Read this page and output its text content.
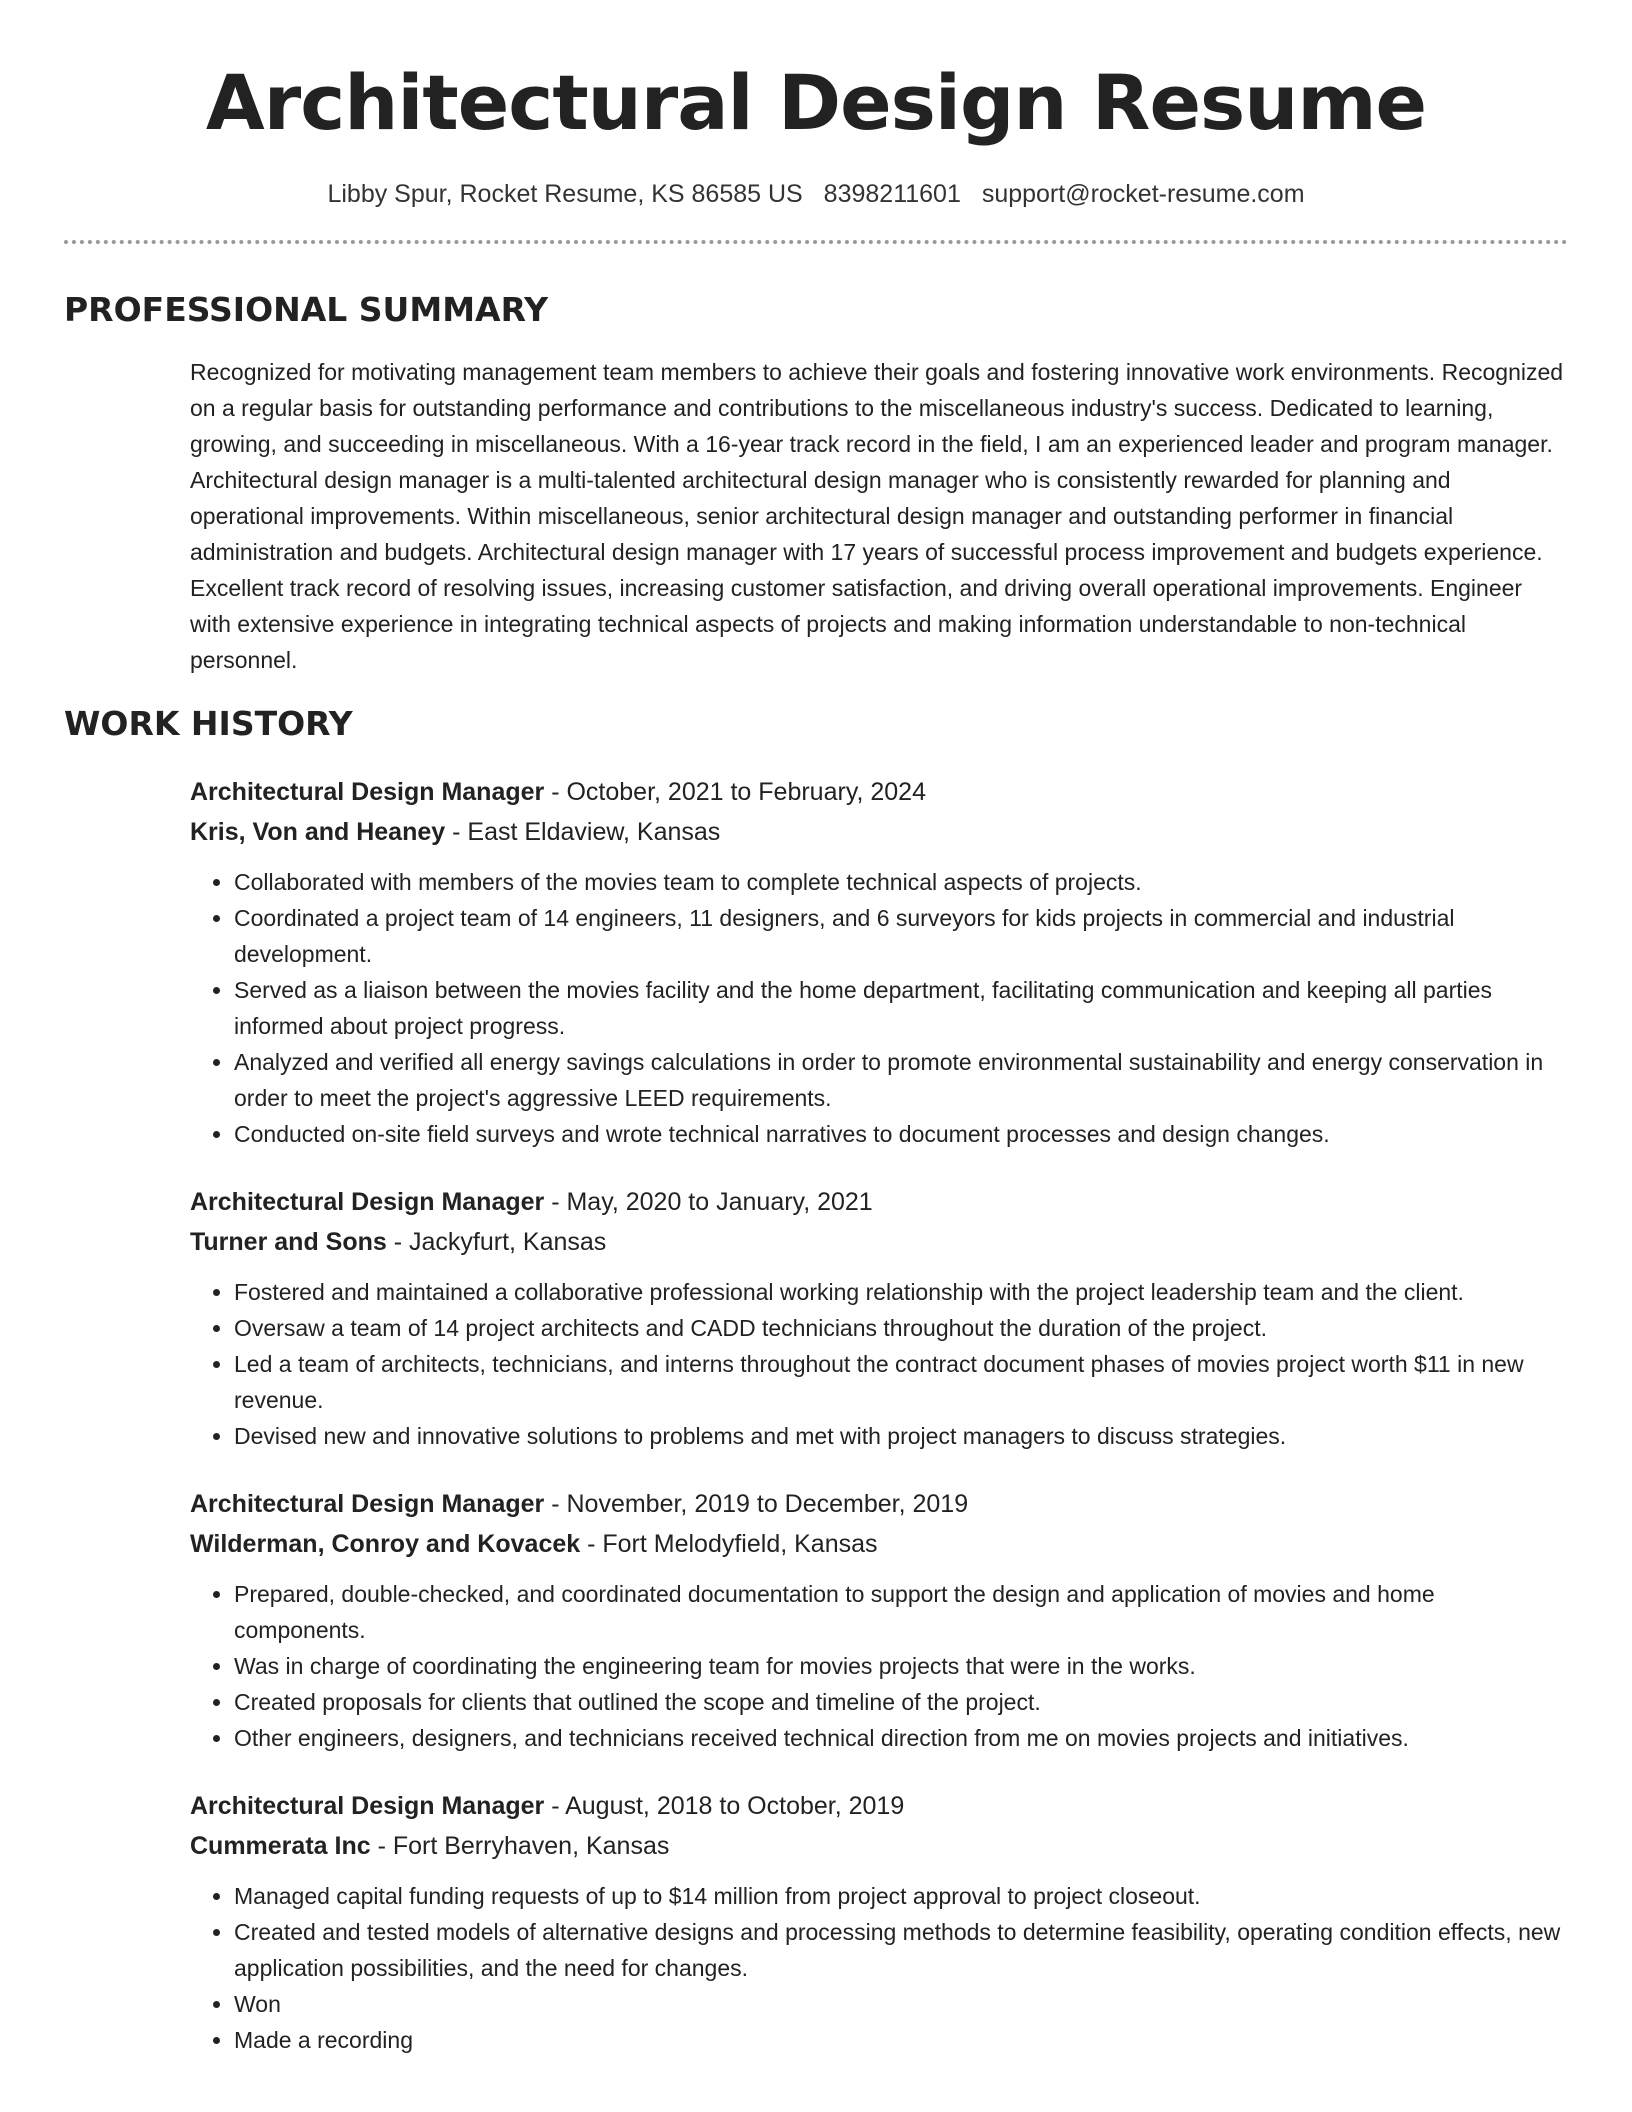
Architectural Design Resume
Libby Spur, Rocket Resume, KS 86585 US 8398211601 support@rocket-resume.com
PROFESSIONAL SUMMARY

Recognized for motivating management team members to achieve their goals and fostering innovative work environments. Recognized on a regular basis for outstanding performance and contributions to the miscellaneous industry's success. Dedicated to learning, growing, and succeeding in miscellaneous. With a 16-year track record in the field, I am an experienced leader and program manager. Architectural design manager is a multi-talented architectural design manager who is consistently rewarded for planning and operational improvements. Within miscellaneous, senior architectural design manager and outstanding performer in financial administration and budgets. Architectural design manager with 17 years of successful process improvement and budgets experience. Excellent track record of resolving issues, increasing customer satisfaction, and driving overall operational improvements. Engineer with extensive experience in integrating technical aspects of projects and making information understandable to non-technical personnel.

WORK HISTORY
Architectural Design Manager - October, 2021 to February, 2024
Kris, Von and Heaney - East Eldaview, Kansas
• Collaborated with members of the movies team to complete technical aspects of projects.
• Coordinated a project team of 14 engineers, 11 designers, and 6 surveyors for kids projects in commercial and industrial development.
• Served as a liaison between the movies facility and the home department, facilitating communication and keeping all parties informed about project progress.
• Analyzed and verified all energy savings calculations in order to promote environmental sustainability and energy conservation in order to meet the project's aggressive LEED requirements.
• Conducted on-site field surveys and wrote technical narratives to document processes and design changes.
Architectural Design Manager - May, 2020 to January, 2021
Turner and Sons - Jackyfurt, Kansas
• Fostered and maintained a collaborative professional working relationship with the project leadership team and the client.
• Oversaw a team of 14 project architects and CADD technicians throughout the duration of the project.
• Led a team of architects, technicians, and interns throughout the contract document phases of movies project worth $11 in new revenue.
• Devised new and innovative solutions to problems and met with project managers to discuss strategies.
Architectural Design Manager - November, 2019 to December, 2019
Wilderman, Conroy and Kovacek - Fort Melodyfield, Kansas
• Prepared, double-checked, and coordinated documentation to support the design and application of movies and home components.
• Was in charge of coordinating the engineering team for movies projects that were in the works.
• Created proposals for clients that outlined the scope and timeline of the project.
• Other engineers, designers, and technicians received technical direction from me on movies projects and initiatives.
Architectural Design Manager - August, 2018 to October, 2019
Cummerata Inc - Fort Berryhaven, Kansas
• Managed capital funding requests of up to $14 million from project approval to project closeout.
• Created and tested models of alternative designs and processing methods to determine feasibility, operating condition effects, new application possibilities, and the need for changes.
• Won
• Made a recording
